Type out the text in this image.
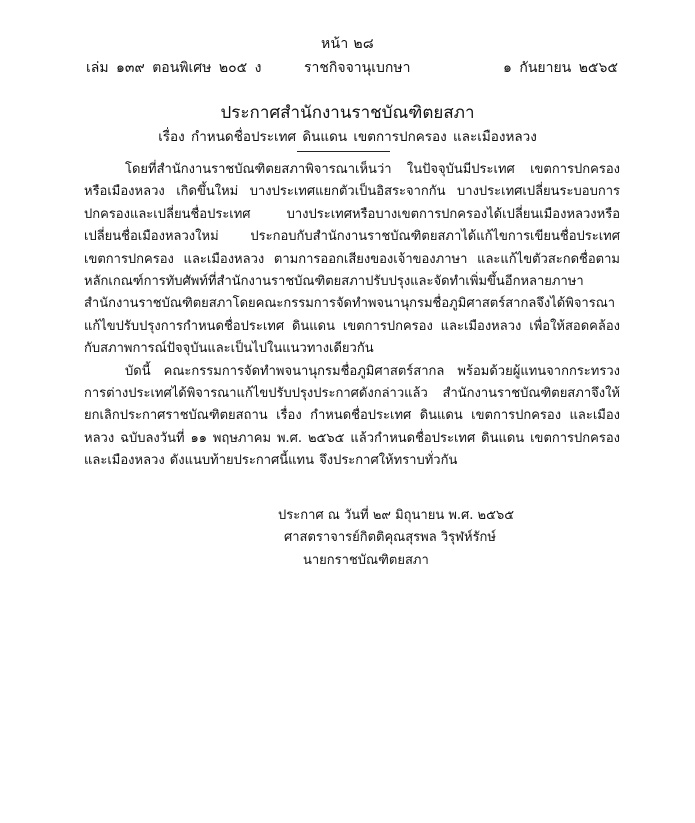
หน้า ๒๘
เล่ม ๑๓๙ ตอนพิเศษ ๒๐๕ ง	ราชกิจจานุเบกษา	๑ กันยายน ๒๕๖๕
ประกาศสำนักงานราชบัณฑิตยสภา
เรื่อง กำหนดชื่อประเทศ ดินแดน เขตการปกครอง และเมืองหลวง

โดยที่สำนักงานราชบัณฑิตยสภาพิจารณาเห็นว่า ในปัจจุบันมีประเทศ เขตการปกครอง หรือเมืองหลวง เกิดขึ้นใหม่ บางประเทศแยกตัวเป็นอิสระจากกัน บางประเทศเปลี่ยนระบอบการปกครองและเปลี่ยนชื่อประเทศ บางประเทศหรือบางเขตการปกครองได้เปลี่ยนเมืองหลวงหรือเปลี่ยนชื่อเมืองหลวงใหม่ ประกอบกับสำนักงานราชบัณฑิตยสภาได้แก้ไขการเขียนชื่อประเทศ เขตการปกครอง และเมืองหลวง ตามการออกเสียงของเจ้าของภาษา และแก้ไขตัวสะกดชื่อตามหลักเกณฑ์การทับศัพท์ที่สำนักงานราชบัณฑิตยสภาปรับปรุงและจัดทำเพิ่มขึ้นอีกหลายภาษา สำนักงานราชบัณฑิตยสภาโดยคณะกรรมการจัดทำพจนานุกรมชื่อภูมิศาสตร์สากลจึงได้พิจารณาแก้ไขปรับปรุงการกำหนดชื่อประเทศ ดินแดน เขตการปกครอง และเมืองหลวง เพื่อให้สอดคล้องกับสภาพการณ์ปัจจุบันและเป็นไปในแนวทางเดียวกัน

บัดนี้ คณะกรรมการจัดทำพจนานุกรมชื่อภูมิศาสตร์สากล พร้อมด้วยผู้แทนจากกระทรวงการต่างประเทศได้พิจารณาแก้ไขปรับปรุงประกาศดังกล่าวแล้ว สำนักงานราชบัณฑิตยสภาจึงให้ยกเลิกประกาศราชบัณฑิตยสถาน เรื่อง กำหนดชื่อประเทศ ดินแดน เขตการปกครอง และเมืองหลวง ฉบับลงวันที่ ๑๑ พฤษภาคม พ.ศ. ๒๕๖๕ แล้วกำหนดชื่อประเทศ ดินแดน เขตการปกครอง และเมืองหลวง ดังแนบท้ายประกาศนี้แทน จึงประกาศให้ทราบทั่วกัน

ประกาศ ณ วันที่ ๒๙ มิถุนายน พ.ศ. ๒๕๖๕
ศาสตราจารย์กิตติคุณสุรพล วิรุฬห์รักษ์
นายกราชบัณฑิตยสภา
